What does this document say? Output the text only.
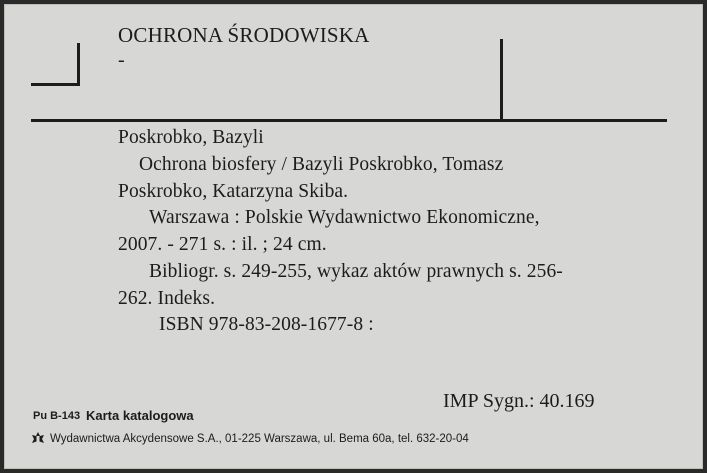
OCHRONA ŚRODOWISKA
-
Poskrobko, Bazyli
Ochrona biosfery / Bazyli Poskrobko, Tomasz
Poskrobko, Katarzyna Skiba.
Warszawa : Polskie Wydawnictwo Ekonomiczne,
2007. - 271 s. : il. ; 24 cm.
Bibliogr. s. 249-255, wykaz aktów prawnych s. 256-
262. Indeks.
ISBN 978-83-208-1677-8 :
IMP Sygn.: 40.169
Pu B-143 Karta katalogowa
Wydawnictwa Akcydensowe S.A., 01-225 Warszawa, ul. Bema 60a, tel. 632-20-04
